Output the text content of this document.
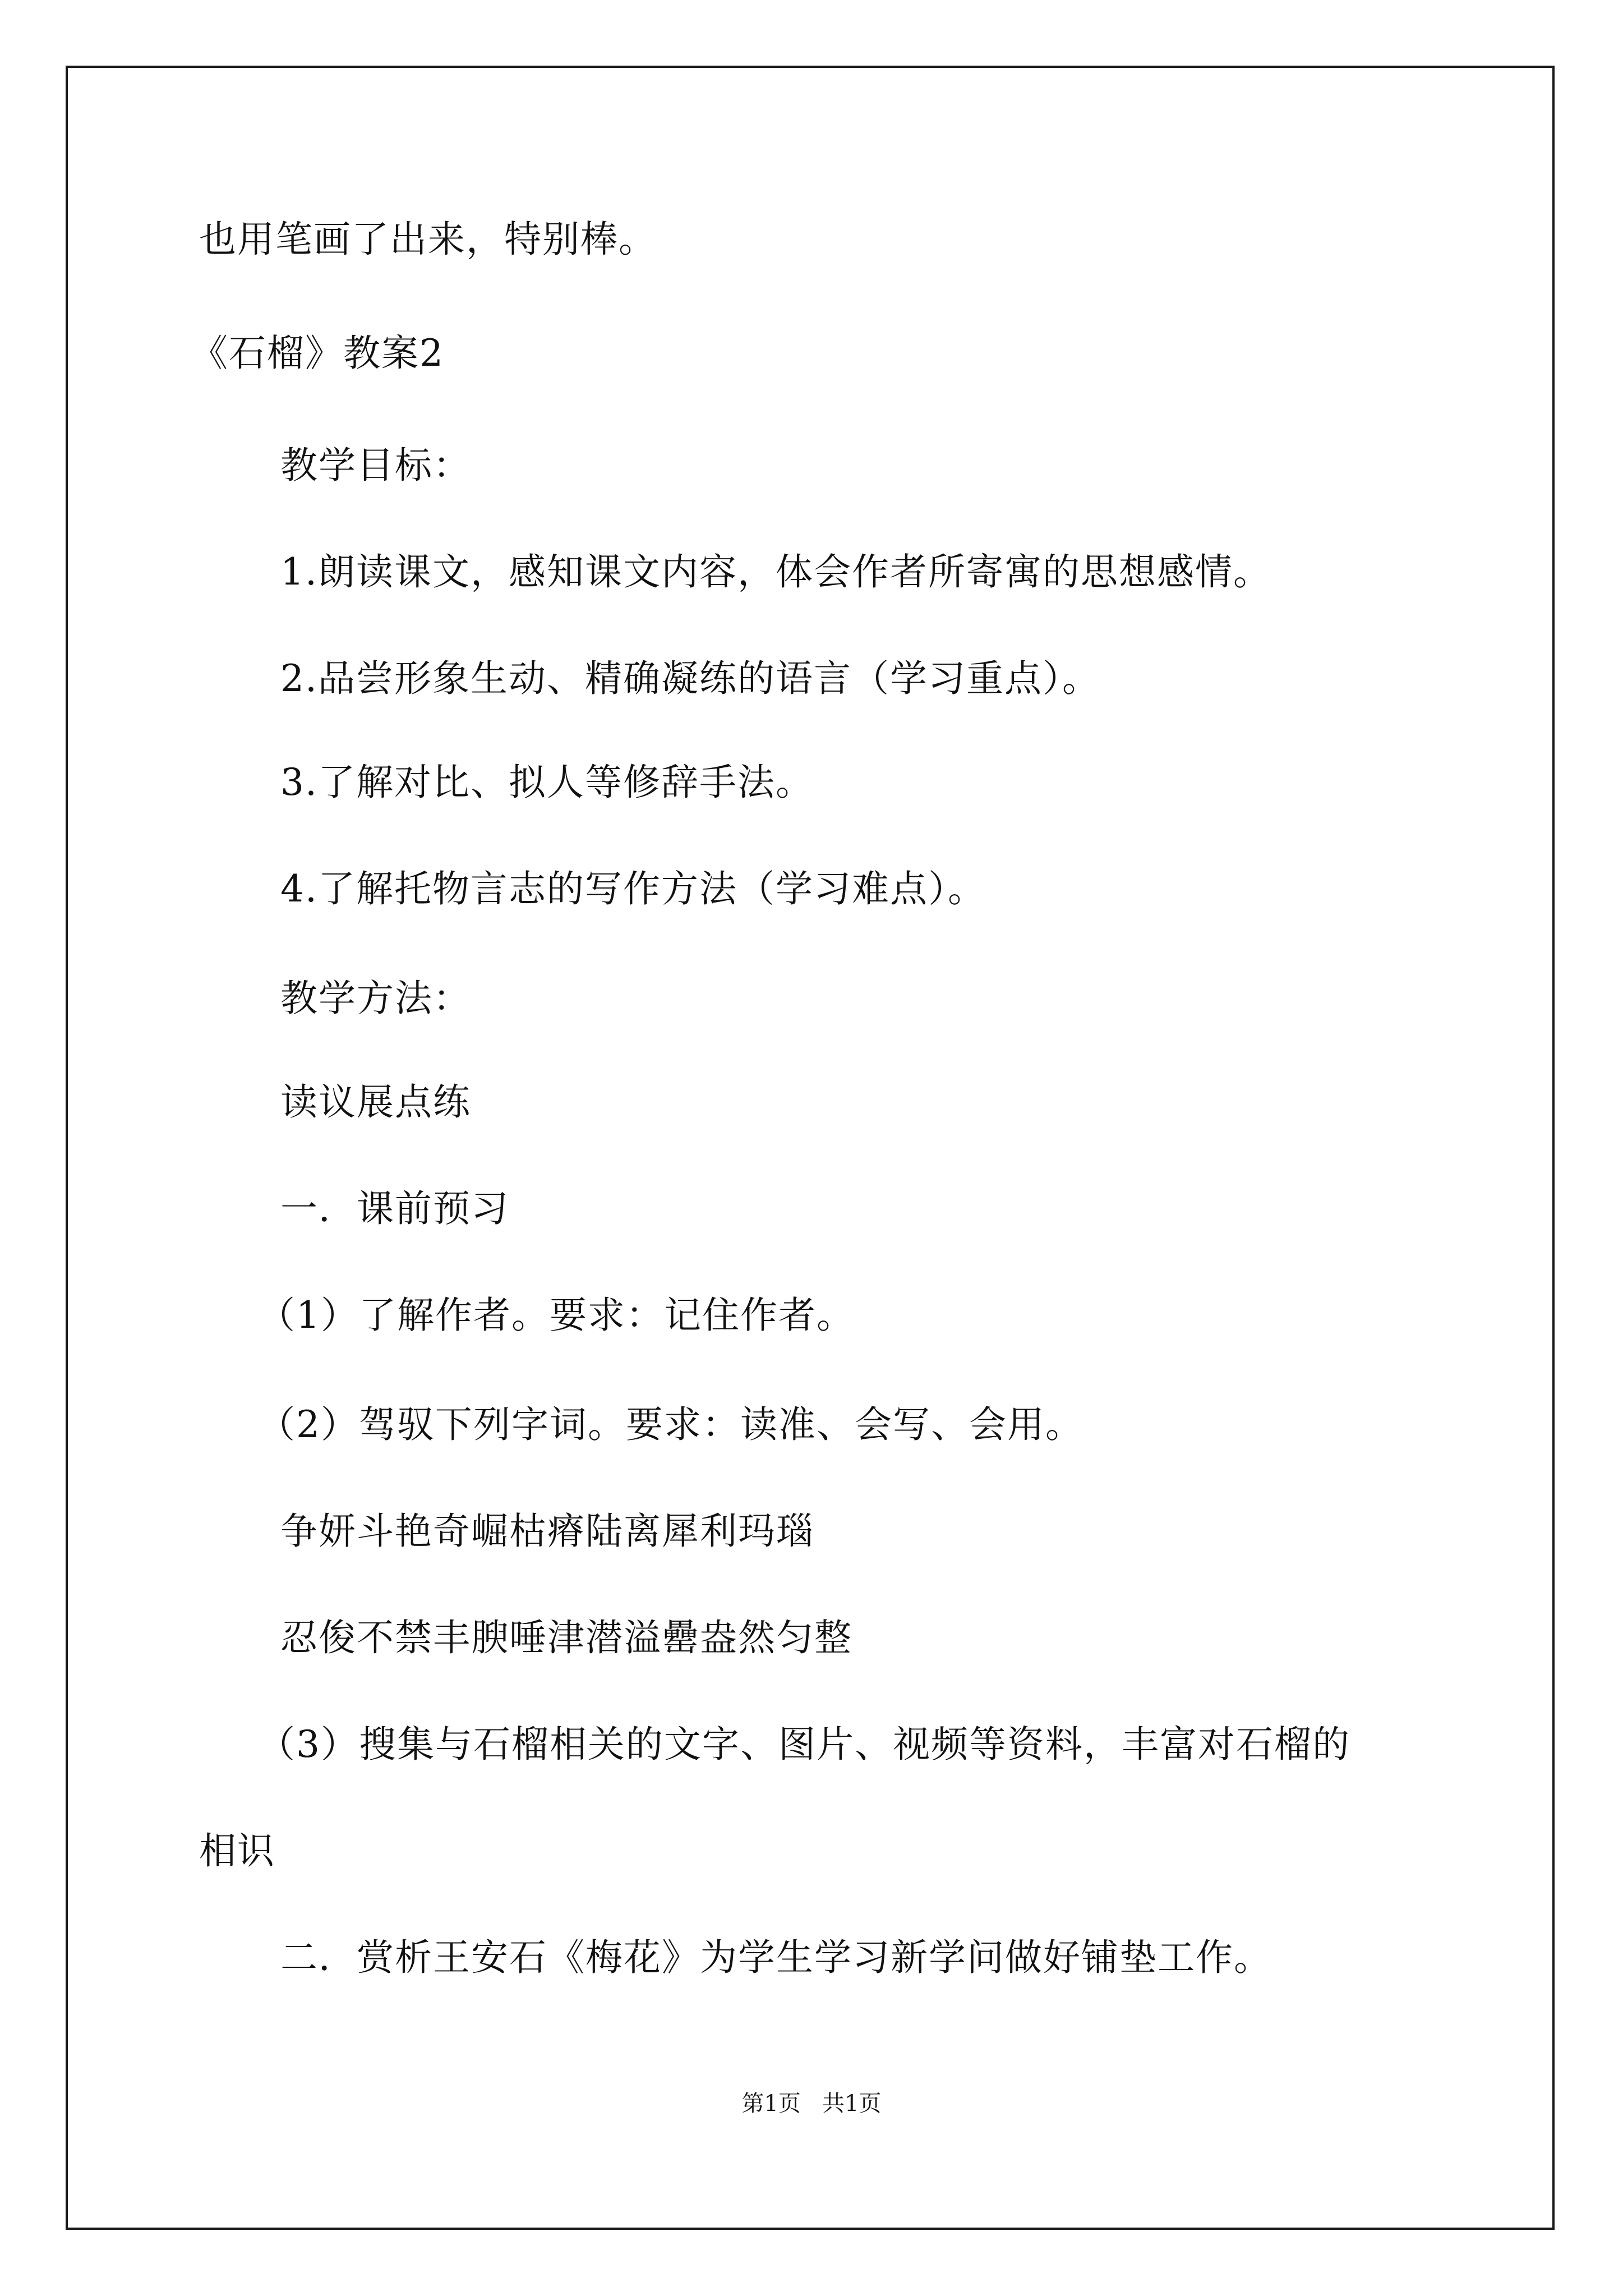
也用笔画了出来，特别棒。
《石榴》教案2
教学目标：
1.朗读课文，感知课文内容，体会作者所寄寓的思想感情。
2.品尝形象生动、精确凝练的语言（学习重点）。
3.了解对比、拟人等修辞手法。
4.了解托物言志的写作方法（学习难点）。
教学方法：
读议展点练
一．课前预习
（1）了解作者。要求：记住作者。
（2）驾驭下列字词。要求：读准、会写、会用。
争妍斗艳奇崛枯瘠陆离犀利玛瑙
忍俊不禁丰腴唾津潜溢罍盎然匀整
（3）搜集与石榴相关的文字、图片、视频等资料，丰富对石榴的
相识
二．赏析王安石《梅花》为学生学习新学问做好铺垫工作。
第1页   共1页
